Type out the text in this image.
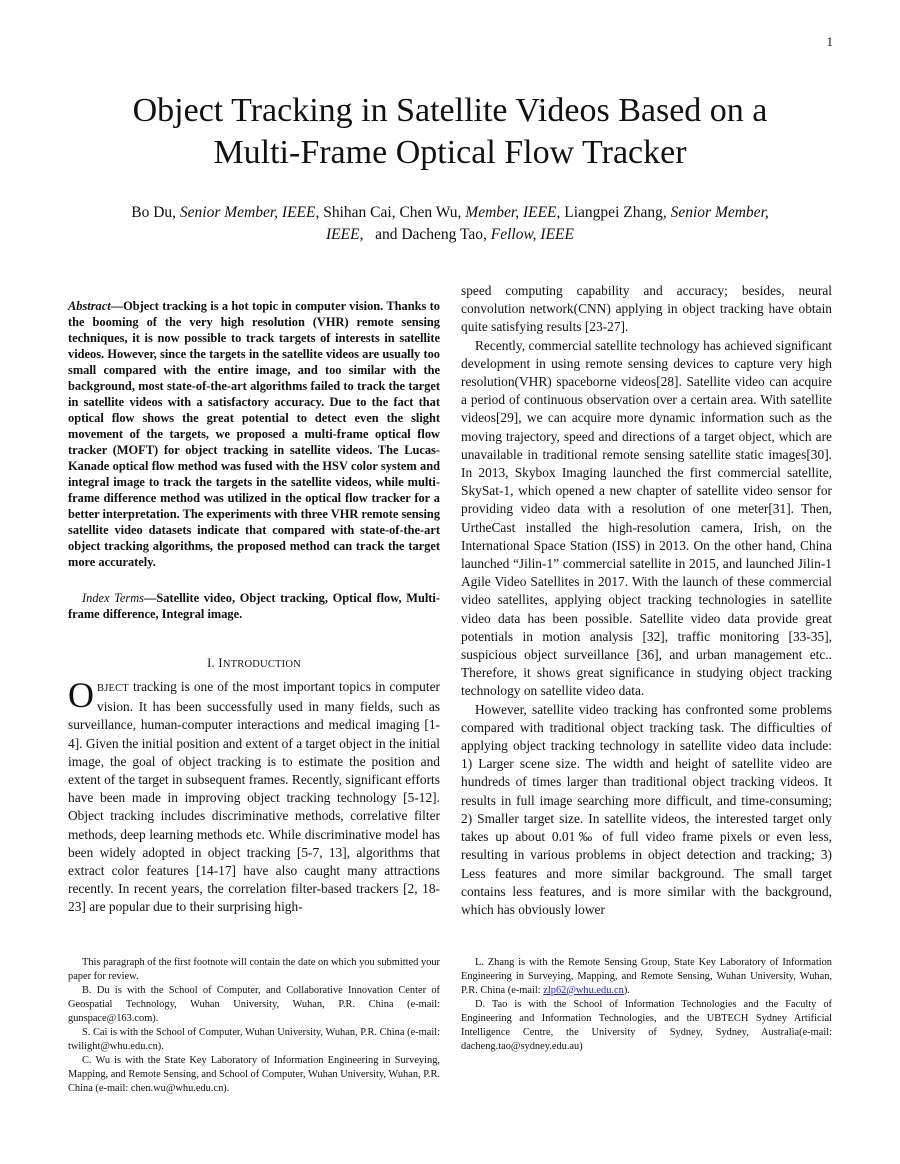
1
Object Tracking in Satellite Videos Based on a
Multi-Frame Optical Flow Tracker
Bo Du, Senior Member, IEEE, Shihan Cai, Chen Wu, Member, IEEE, Liangpei Zhang, Senior Member, IEEE, and Dacheng Tao, Fellow, IEEE
Abstract—Object tracking is a hot topic in computer vision. Thanks to the booming of the very high resolution (VHR) remote sensing techniques, it is now possible to track targets of interests in satellite videos. However, since the targets in the satellite videos are usually too small compared with the entire image, and too similar with the background, most state-of-the-art algorithms failed to track the target in satellite videos with a satisfactory accuracy. Due to the fact that optical flow shows the great potential to detect even the slight movement of the targets, we proposed a multi-frame optical flow tracker (MOFT) for object tracking in satellite videos. The Lucas-Kanade optical flow method was fused with the HSV color system and integral image to track the targets in the satellite videos, while multi-frame difference method was utilized in the optical flow tracker for a better interpretation. The experiments with three VHR remote sensing satellite video datasets indicate that compared with state-of-the-art object tracking algorithms, the proposed method can track the target more accurately.
Index Terms—Satellite video, Object tracking, Optical flow, Multi-frame difference, Integral image.
I. INTRODUCTION
OBJECT tracking is one of the most important topics in computer vision. It has been successfully used in many fields, such as surveillance, human-computer interactions and medical imaging [1-4]. Given the initial position and extent of a target object in the initial image, the goal of object tracking is to estimate the position and extent of the target in subsequent frames. Recently, significant efforts have been made in improving object tracking technology [5-12]. Object tracking includes discriminative methods, correlative filter methods, deep learning methods etc. While discriminative model has been widely adopted in object tracking [5-7, 13], algorithms that extract color features [14-17] have also caught many attractions recently. In recent years, the correlation filter-based trackers [2, 18-23] are popular due to their surprising high-

speed computing capability and accuracy; besides, neural convolution network(CNN) applying in object tracking have obtain quite satisfying results [23-27].

Recently, commercial satellite technology has achieved significant development in using remote sensing devices to capture very high resolution(VHR) spaceborne videos[28]. Satellite video can acquire a period of continuous observation over a certain area. With satellite videos[29], we can acquire more dynamic information such as the moving trajectory, speed and directions of a target object, which are unavailable in traditional remote sensing satellite static images[30]. In 2013, Skybox Imaging launched the first commercial satellite, SkySat-1, which opened a new chapter of satellite video sensor for providing video data with a resolution of one meter[31]. Then, UrtheCast installed the high-resolution camera, Irish, on the International Space Station (ISS) in 2013. On the other hand, China launched “Jilin-1” commercial satellite in 2015, and launched Jilin-1 Agile Video Satellites in 2017. With the launch of these commercial video satellites, applying object tracking technologies in satellite video data has been possible. Satellite video data provide great potentials in motion analysis [32], traffic monitoring [33-35], suspicious object surveillance [36], and urban management etc.. Therefore, it shows great significance in studying object tracking technology on satellite video data.

However, satellite video tracking has confronted some problems compared with traditional object tracking task. The difficulties of applying object tracking technology in satellite video data include: 1) Larger scene size. The width and height of satellite video are hundreds of times larger than traditional object tracking videos. It results in full image searching more difficult, and time-consuming; 2) Smaller target size. In satellite videos, the interested target only takes up about 0.01‰ of full video frame pixels or even less, resulting in various problems in object detection and tracking; 3) Less features and more similar background. The small target contains less features, and is more similar with the background, which has obviously lower

This paragraph of the first footnote will contain the date on which you submitted your paper for review.

B. Du is with the School of Computer, and Collaborative Innovation Center of Geospatial Technology, Wuhan University, Wuhan, P.R. China (e-mail: gunspace@163.com).

S. Cai is with the School of Computer, Wuhan University, Wuhan, P.R. China (e-mail: twilight@whu.edu.cn).

C. Wu is with the State Key Laboratory of Information Engineering in Surveying, Mapping, and Remote Sensing, and School of Computer, Wuhan University, Wuhan, P.R. China (e-mail: chen.wu@whu.edu.cn).

L. Zhang is with the Remote Sensing Group, State Key Laboratory of Information Engineering in Surveying, Mapping, and Remote Sensing, Wuhan University, Wuhan, P.R. China (e-mail: zlp62@whu.edu.cn).

D. Tao is with the School of Information Technologies and the Faculty of Engineering and Information Technologies, and the UBTECH Sydney Artificial Intelligence Centre, the University of Sydney, Sydney, Australia(e-mail: dacheng.tao@sydney.edu.au)
